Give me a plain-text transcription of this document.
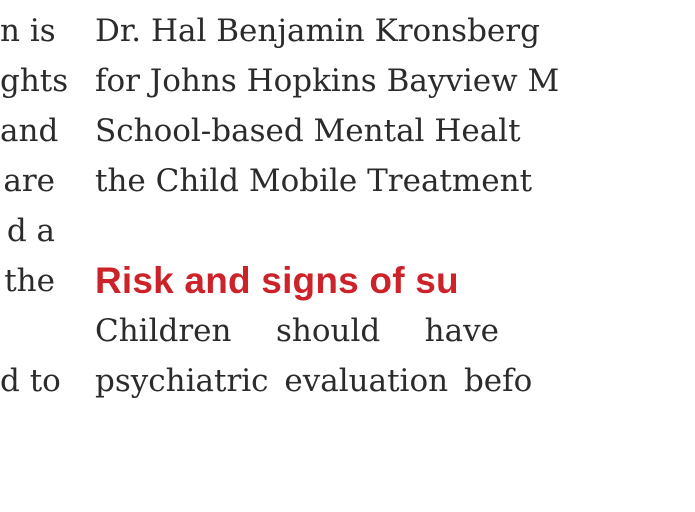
n is
ghts
and
are
d a
the
d to
Dr. Hal Benjamin Kronsberg
for Johns Hopkins Bayview M
School-based Mental Healt
the Child Mobile Treatment
Risk and signs of su
Children should have
psychiatric evaluation befo
